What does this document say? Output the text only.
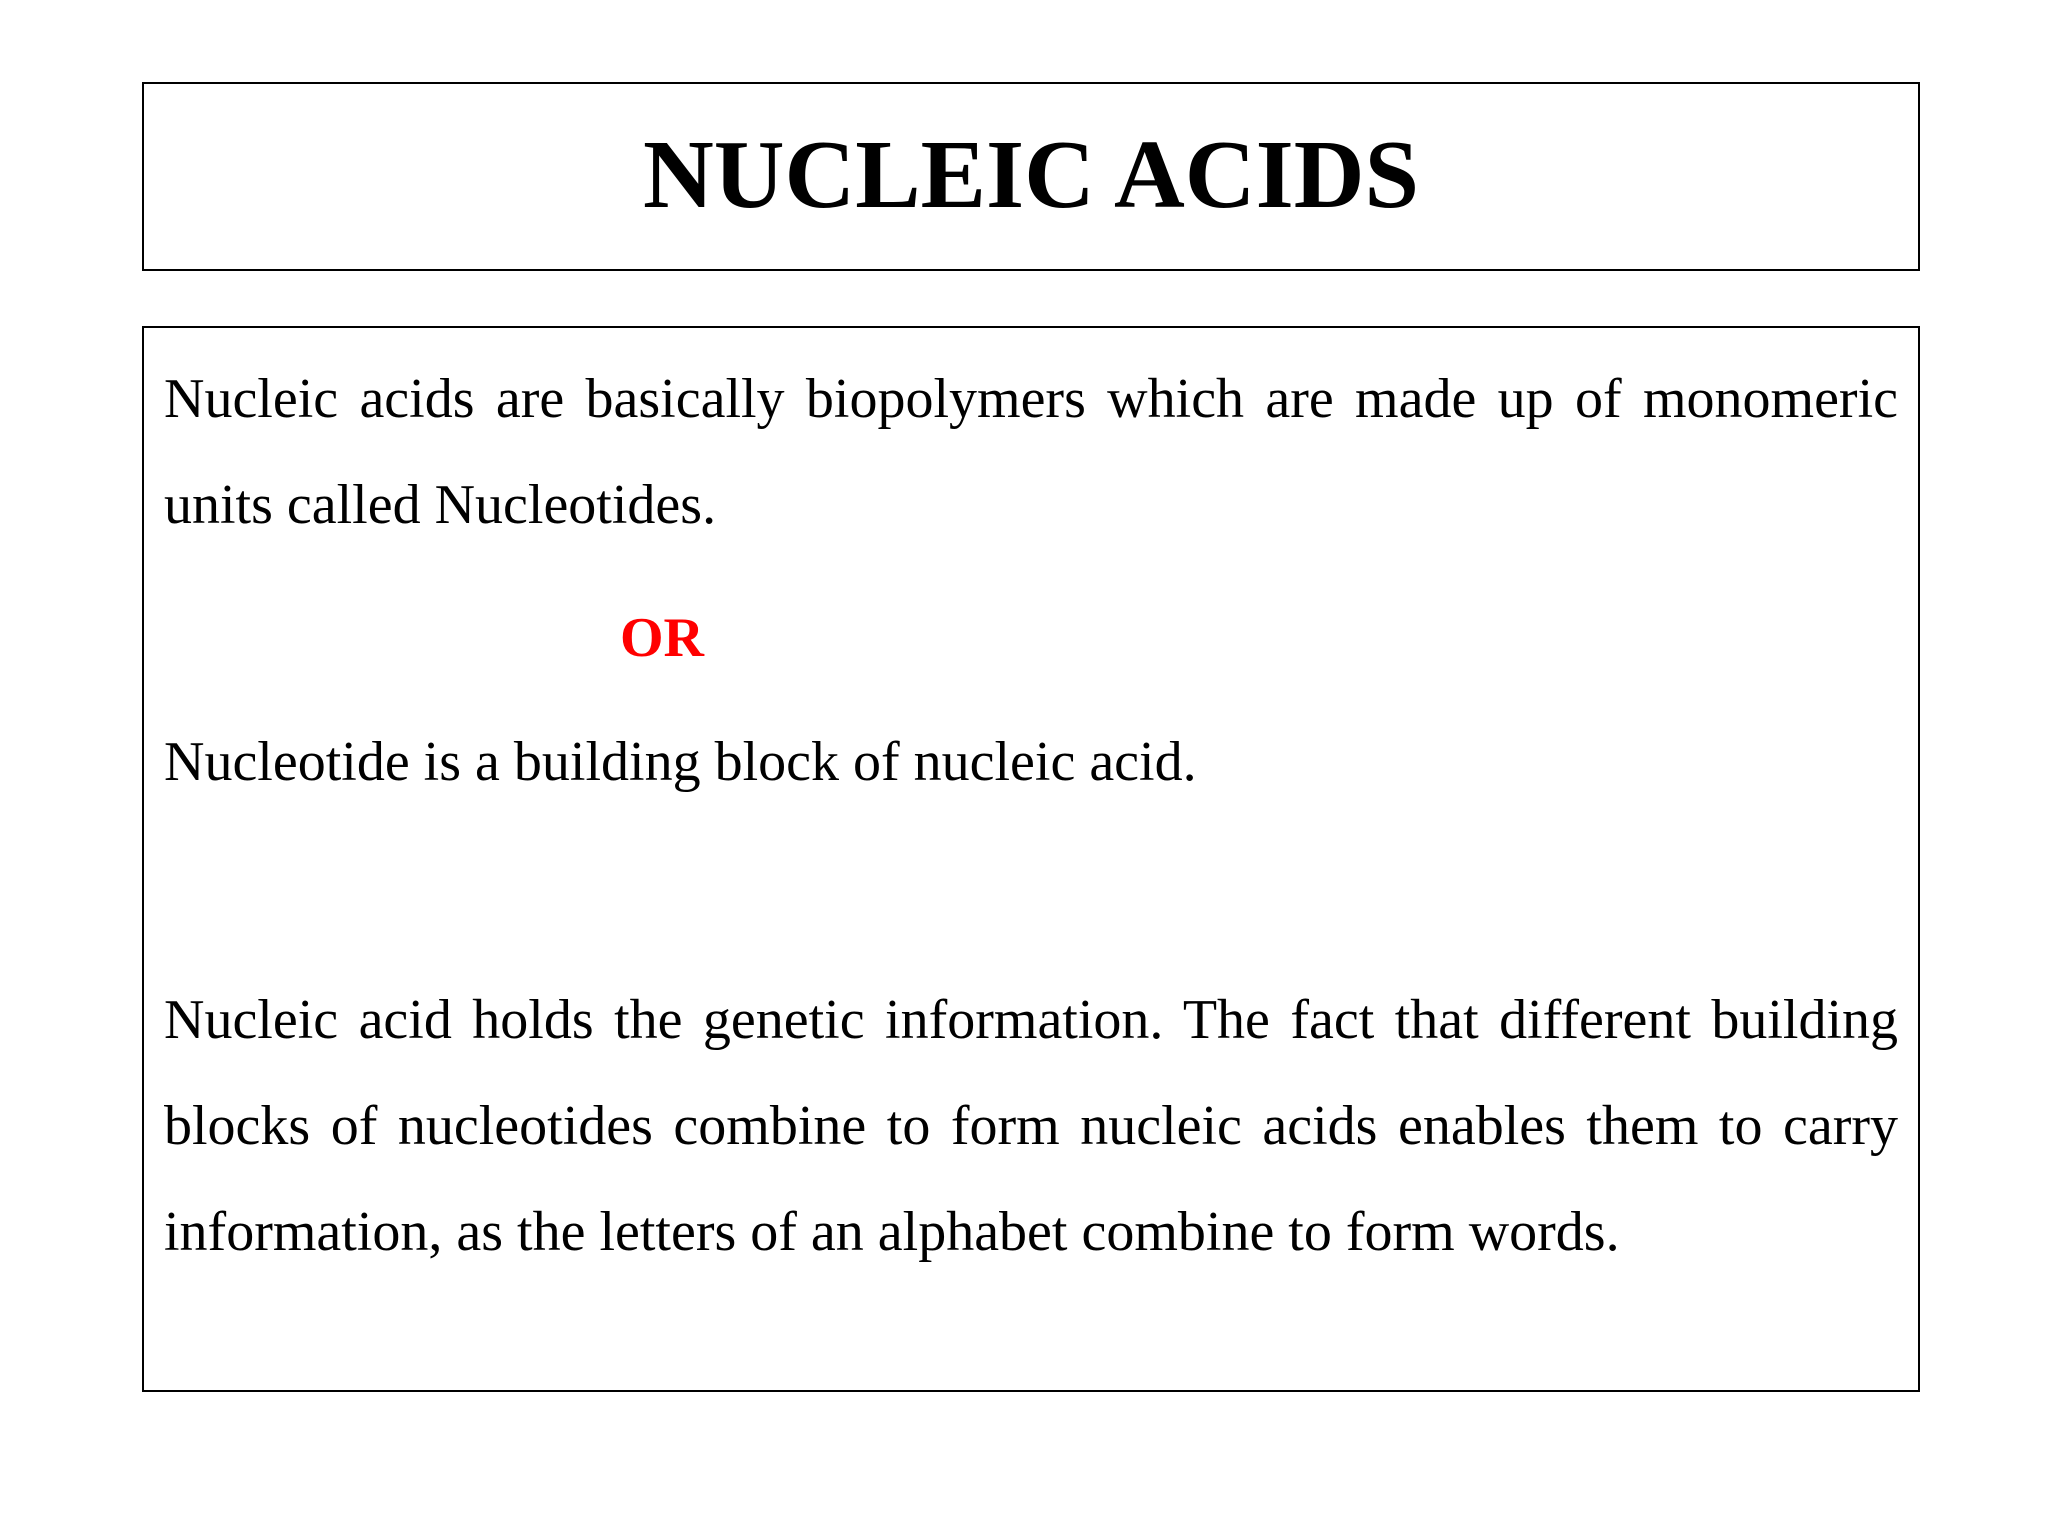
NUCLEIC ACIDS

Nucleic acids are basically biopolymers which are made up of monomeric units called Nucleotides.

OR

Nucleotide is a building block of nucleic acid.

Nucleic acid holds the genetic information. The fact that different building blocks of nucleotides combine to form nucleic acids enables them to carry information, as the letters of an alphabet combine to form words.
